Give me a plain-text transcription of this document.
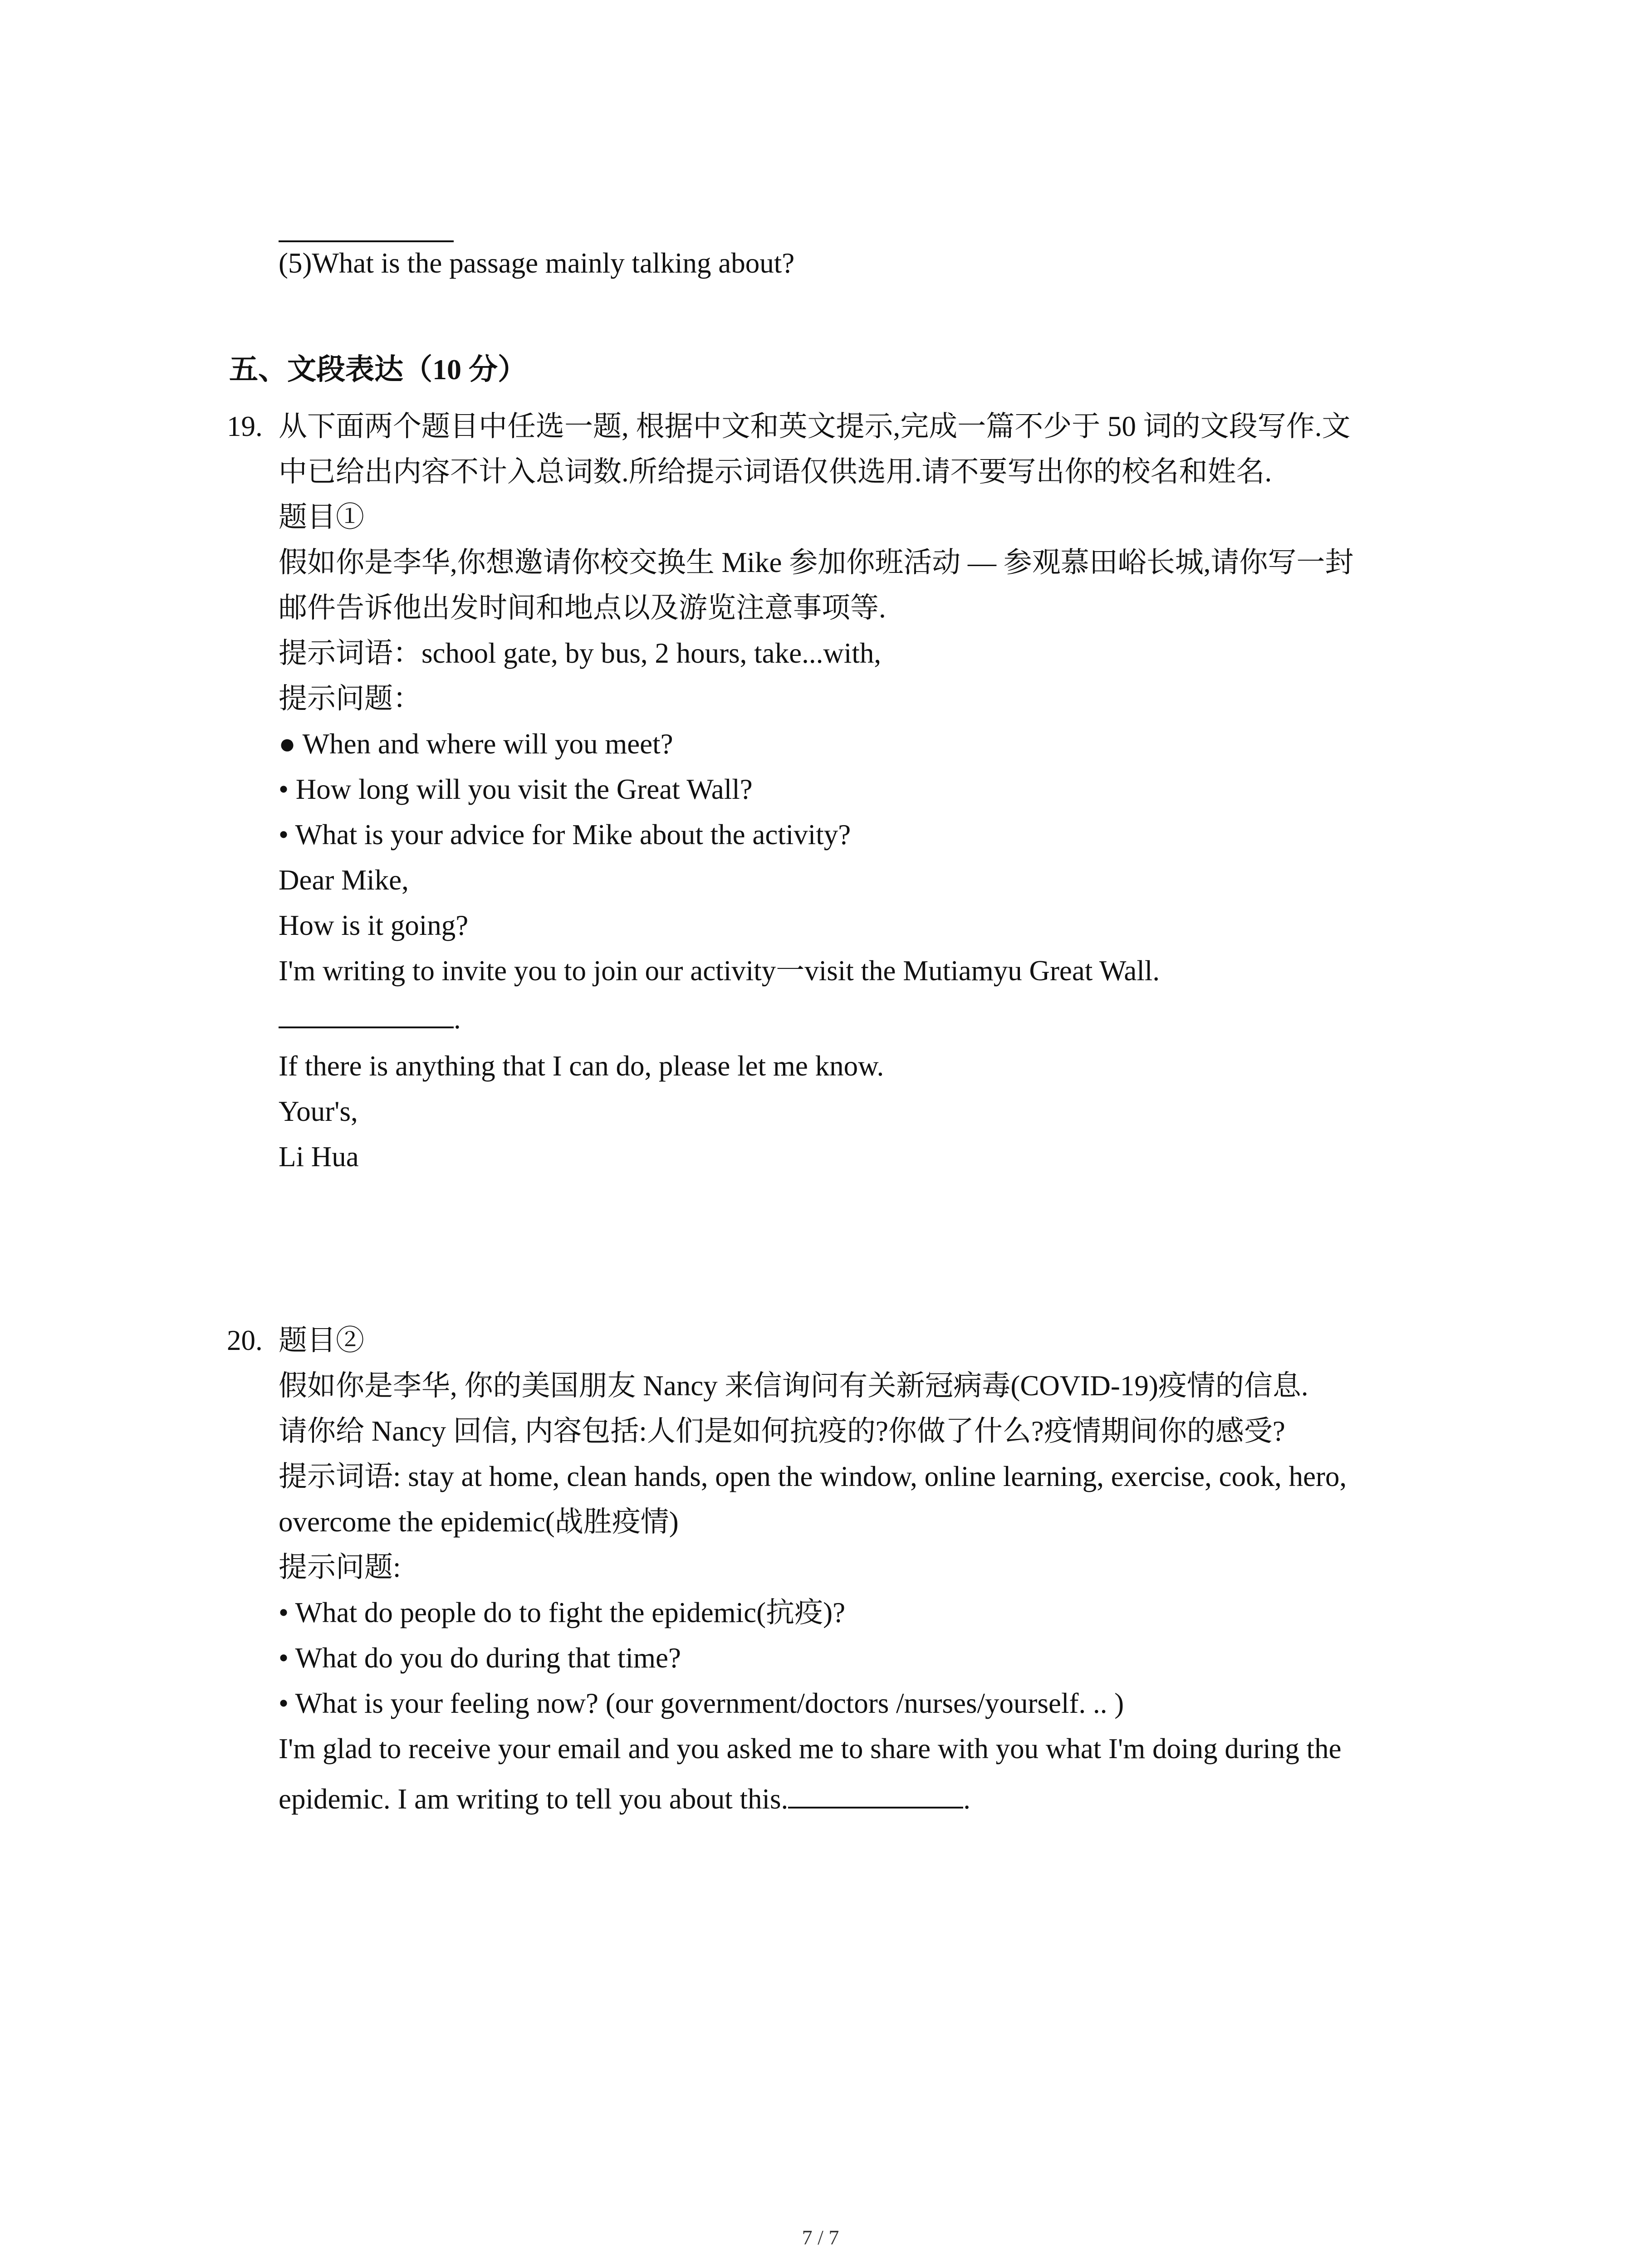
(5)What is the passage mainly talking about?

五、文段表达（10 分）
19. 从下面两个题目中任选一题, 根据中文和英文提示,完成一篇不少于 50 词的文段写作.文

中已给出内容不计入总词数.所给提示词语仅供选用.请不要写出你的校名和姓名.

题目①

假如你是李华,你想邀请你校交换生 Mike 参加你班活动 — 参观慕田峪长城,请你写一封

邮件告诉他出发时间和地点以及游览注意事项等.

提示词语：school gate, by bus, 2 hours, take...with,

提示问题：

● When and where will you meet?

• How long will you visit the Great Wall?

• What is your advice for Mike about the activity?

Dear Mike,

How is it going?

I'm writing to invite you to join our activity一visit the Mutiamyu Great Wall.

.

If there is anything that I can do, please let me know.

Your's,

Li Hua

20. 题目②

假如你是李华, 你的美国朋友 Nancy 来信询问有关新冠病毒(COVID-19)疫情的信息.

请你给 Nancy 回信, 内容包括:人们是如何抗疫的?你做了什么?疫情期间你的感受?

提示词语: stay at home, clean hands, open the window, online learning, exercise, cook, hero,

overcome the epidemic(战胜疫情)

提示问题:

• What do people do to fight the epidemic(抗疫)?

• What do you do during that time?

• What is your feeling now? (our government/doctors /nurses/yourself. .. )

I'm glad to receive your email and you asked me to share with you what I'm doing during the

epidemic. I am writing to tell you about this.	.

7 / 7
